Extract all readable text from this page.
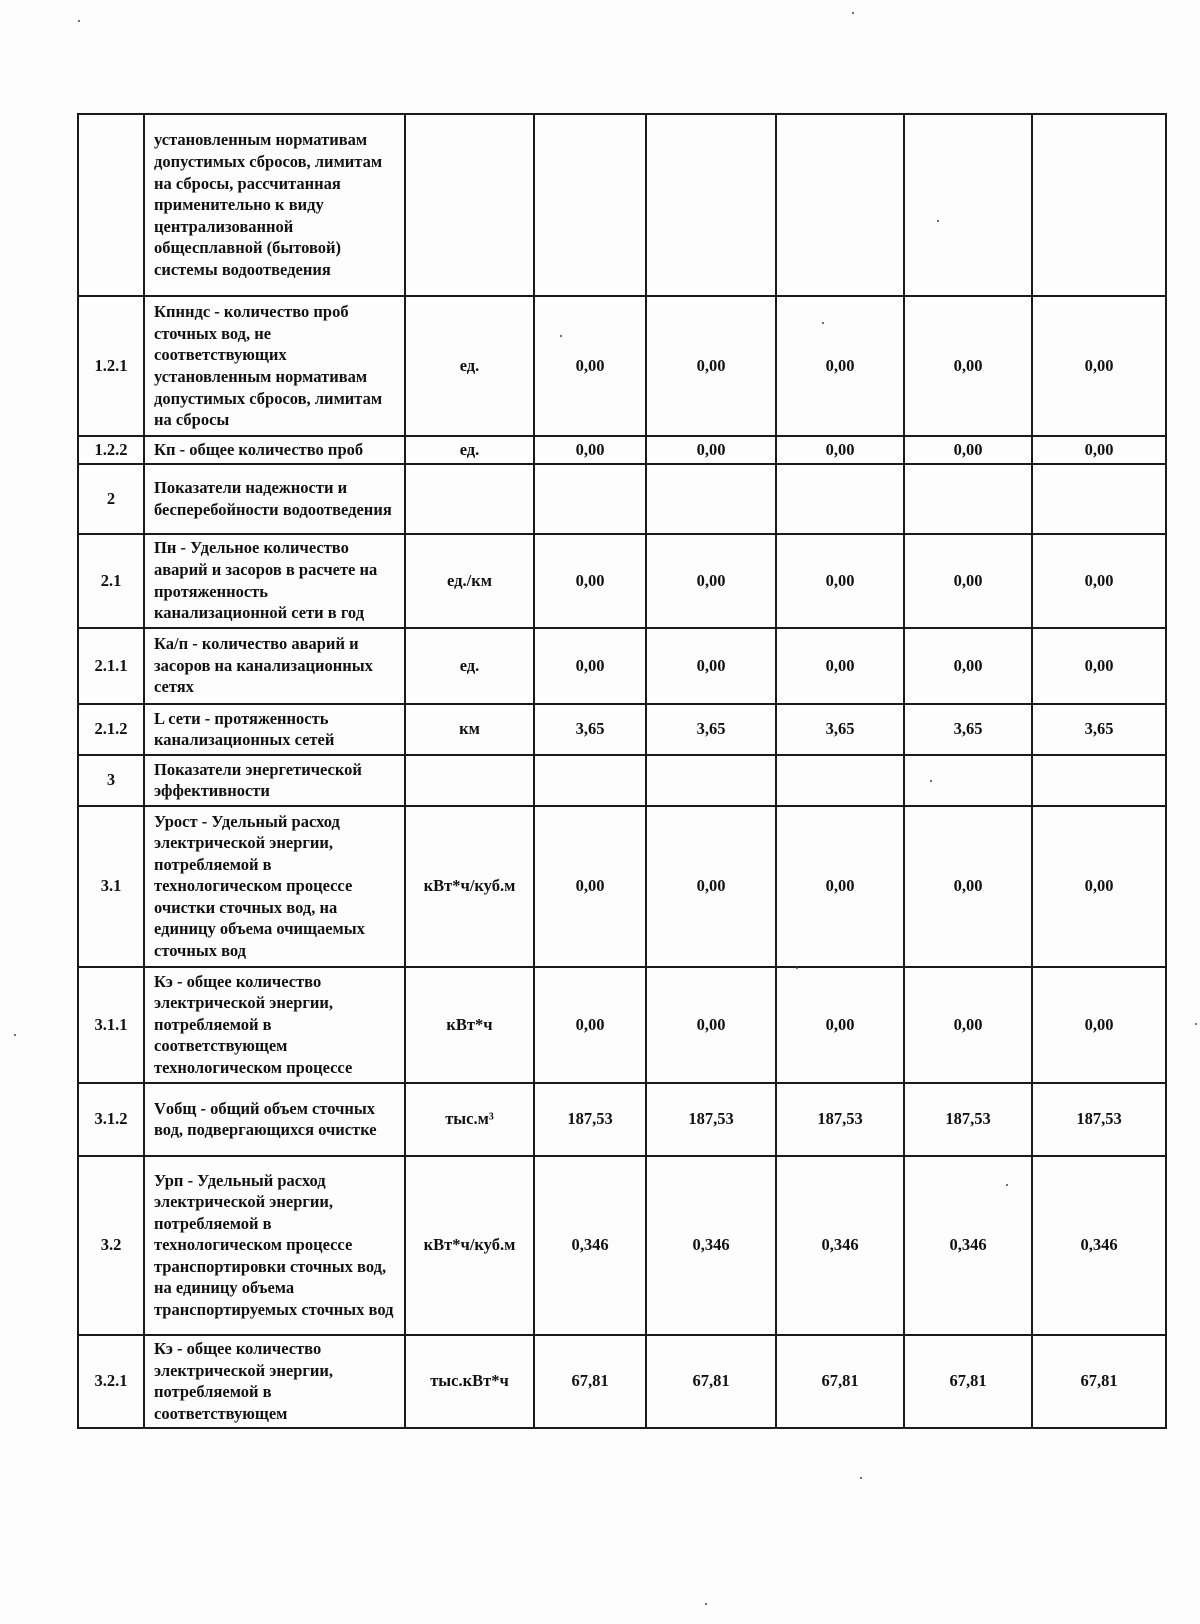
	установленным нормативам допустимых сбросов, лимитам на сбросы, рассчитанная применительно к виду централизованной общесплавной (бытовой) системы водоотведения						
1.2.1	Кпнндс - количество проб сточных вод, не соответствующих установленным нормативам допустимых сбросов, лимитам на сбросы	ед.	0,00	0,00	0,00	0,00	0,00
1.2.2	Кп - общее количество проб	ед.	0,00	0,00	0,00	0,00	0,00
2	Показатели надежности и бесперебойности водоотведения						
2.1	Пн - Удельное количество аварий и засоров в расчете на протяженность канализационной сети в год	ед./км	0,00	0,00	0,00	0,00	0,00
2.1.1	Ка/п - количество аварий и засоров на канализационных сетях	ед.	0,00	0,00	0,00	0,00	0,00
2.1.2	L сети - протяженность канализационных сетей	км	3,65	3,65	3,65	3,65	3,65
3	Показатели энергетической эффективности						
3.1	Урост - Удельный расход электрической энергии, потребляемой в технологическом процессе очистки сточных вод, на единицу объема очищаемых сточных вод	кВт*ч/куб.м	0,00	0,00	0,00	0,00	0,00
3.1.1	Кэ - общее количество электрической энергии, потребляемой в соответствующем технологическом процессе	кВт*ч	0,00	0,00	0,00	0,00	0,00
3.1.2	Vобщ - общий объем сточных вод, подвергающихся очистке	тыс.м³	187,53	187,53	187,53	187,53	187,53
3.2	Урп - Удельный расход электрической энергии, потребляемой в технологическом процессе транспортировки сточных вод, на единицу объема транспортируемых сточных вод	кВт*ч/куб.м	0,346	0,346	0,346	0,346	0,346
3.2.1	Кэ - общее количество электрической энергии, потребляемой в соответствующем	тыс.кВт*ч	67,81	67,81	67,81	67,81	67,81
